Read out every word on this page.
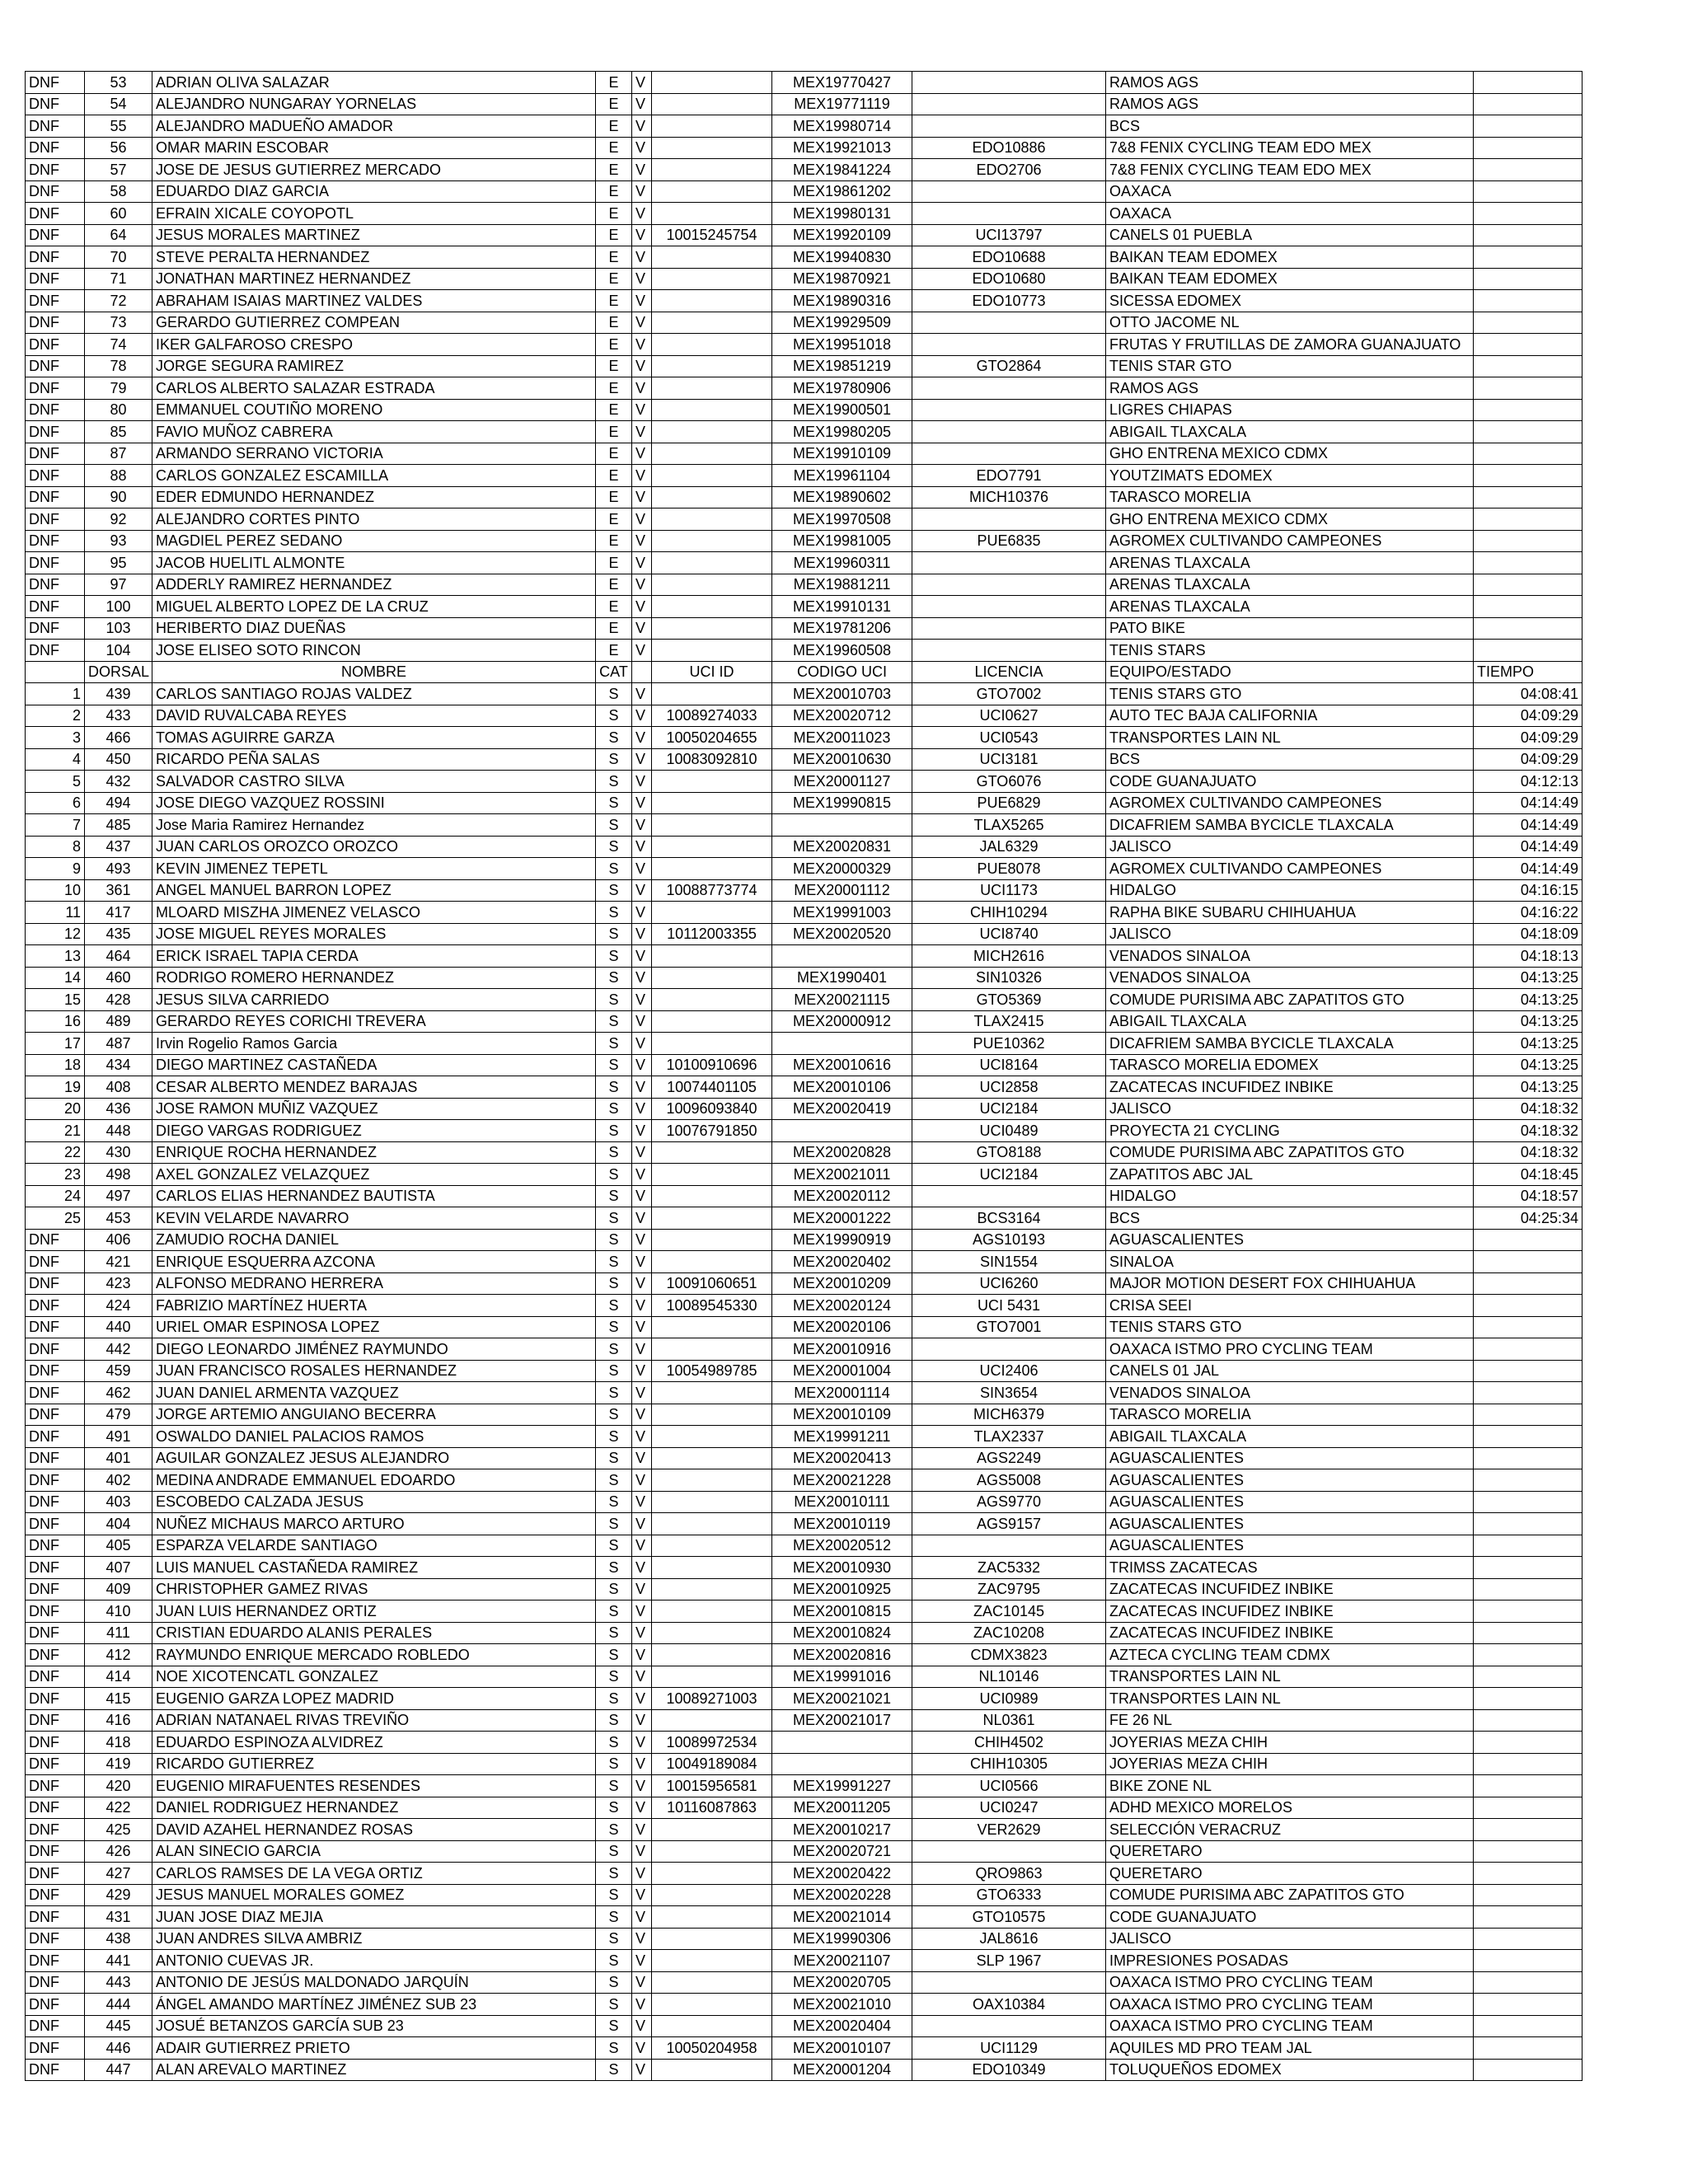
DNF	53	ADRIAN OLIVA SALAZAR	E	V		MEX19770427		RAMOS AGS	
DNF	54	ALEJANDRO NUNGARAY YORNELAS	E	V		MEX19771119		RAMOS AGS	
DNF	55	ALEJANDRO MADUEÑO AMADOR	E	V		MEX19980714		BCS	
DNF	56	OMAR MARIN ESCOBAR	E	V		MEX19921013	EDO10886	7&8 FENIX CYCLING TEAM EDO MEX	
DNF	57	JOSE DE JESUS GUTIERREZ MERCADO	E	V		MEX19841224	EDO2706	7&8 FENIX CYCLING TEAM EDO MEX	
DNF	58	EDUARDO DIAZ GARCIA	E	V		MEX19861202		OAXACA	
DNF	60	EFRAIN XICALE COYOPOTL	E	V		MEX19980131		OAXACA	
DNF	64	JESUS MORALES MARTINEZ	E	V	10015245754	MEX19920109	UCI13797	CANELS 01 PUEBLA	
DNF	70	STEVE PERALTA HERNANDEZ	E	V		MEX19940830	EDO10688	BAIKAN TEAM EDOMEX	
DNF	71	JONATHAN MARTINEZ HERNANDEZ	E	V		MEX19870921	EDO10680	BAIKAN TEAM EDOMEX	
DNF	72	ABRAHAM ISAIAS MARTINEZ VALDES	E	V		MEX19890316	EDO10773	SICESSA EDOMEX	
DNF	73	GERARDO GUTIERREZ COMPEAN	E	V		MEX19929509		OTTO JACOME NL	
DNF	74	IKER GALFAROSO CRESPO	E	V		MEX19951018		FRUTAS Y FRUTILLAS DE ZAMORA GUANAJUATO	
DNF	78	JORGE SEGURA RAMIREZ	E	V		MEX19851219	GTO2864	TENIS STAR GTO	
DNF	79	CARLOS ALBERTO SALAZAR ESTRADA	E	V		MEX19780906		RAMOS AGS	
DNF	80	EMMANUEL COUTIÑO MORENO	E	V		MEX19900501		LIGRES CHIAPAS	
DNF	85	FAVIO MUÑOZ CABRERA	E	V		MEX19980205		ABIGAIL TLAXCALA	
DNF	87	ARMANDO SERRANO VICTORIA	E	V		MEX19910109		GHO ENTRENA MEXICO CDMX	
DNF	88	CARLOS GONZALEZ ESCAMILLA	E	V		MEX19961104	EDO7791	YOUTZIMATS EDOMEX	
DNF	90	EDER EDMUNDO HERNANDEZ	E	V		MEX19890602	MICH10376	TARASCO MORELIA	
DNF	92	ALEJANDRO CORTES PINTO	E	V		MEX19970508		GHO ENTRENA MEXICO CDMX	
DNF	93	MAGDIEL PEREZ SEDANO	E	V		MEX19981005	PUE6835	AGROMEX CULTIVANDO CAMPEONES	
DNF	95	JACOB HUELITL ALMONTE	E	V		MEX19960311		ARENAS TLAXCALA	
DNF	97	ADDERLY RAMIREZ HERNANDEZ	E	V		MEX19881211		ARENAS TLAXCALA	
DNF	100	MIGUEL ALBERTO LOPEZ DE LA CRUZ	E	V		MEX19910131		ARENAS TLAXCALA	
DNF	103	HERIBERTO DIAZ DUEÑAS	E	V		MEX19781206		PATO BIKE	
DNF	104	JOSE ELISEO SOTO RINCON	E	V		MEX19960508		TENIS STARS	
	DORSAL	NOMBRE	CAT		UCI ID	CODIGO UCI	LICENCIA	EQUIPO/ESTADO	TIEMPO
1	439	CARLOS SANTIAGO ROJAS VALDEZ	S	V		MEX20010703	GTO7002	TENIS STARS GTO	04:08:41
2	433	DAVID RUVALCABA REYES	S	V	10089274033	MEX20020712	UCI0627	AUTO TEC BAJA CALIFORNIA	04:09:29
3	466	TOMAS AGUIRRE GARZA	S	V	10050204655	MEX20011023	UCI0543	TRANSPORTES LAIN NL	04:09:29
4	450	RICARDO PEÑA SALAS	S	V	10083092810	MEX20010630	UCI3181	BCS	04:09:29
5	432	SALVADOR CASTRO SILVA	S	V		MEX20001127	GTO6076	CODE GUANAJUATO	04:12:13
6	494	JOSE DIEGO VAZQUEZ ROSSINI	S	V		MEX19990815	PUE6829	AGROMEX CULTIVANDO CAMPEONES	04:14:49
7	485	Jose Maria Ramirez Hernandez	S	V			TLAX5265	DICAFRIEM SAMBA BYCICLE TLAXCALA	04:14:49
8	437	JUAN CARLOS OROZCO OROZCO	S	V		MEX20020831	JAL6329	JALISCO	04:14:49
9	493	KEVIN JIMENEZ TEPETL	S	V		MEX20000329	PUE8078	AGROMEX CULTIVANDO CAMPEONES	04:14:49
10	361	ANGEL MANUEL BARRON LOPEZ	S	V	10088773774	MEX20001112	UCI1173	HIDALGO	04:16:15
11	417	MLOARD MISZHA JIMENEZ VELASCO	S	V		MEX19991003	CHIH10294	RAPHA BIKE SUBARU CHIHUAHUA	04:16:22
12	435	JOSE MIGUEL REYES MORALES	S	V	10112003355	MEX20020520	UCI8740	JALISCO	04:18:09
13	464	ERICK ISRAEL TAPIA CERDA	S	V			MICH2616	VENADOS SINALOA	04:18:13
14	460	RODRIGO ROMERO HERNANDEZ	S	V		MEX1990401	SIN10326	VENADOS SINALOA	04:13:25
15	428	JESUS SILVA CARRIEDO	S	V		MEX20021115	GTO5369	COMUDE PURISIMA ABC ZAPATITOS GTO	04:13:25
16	489	GERARDO REYES CORICHI TREVERA	S	V		MEX20000912	TLAX2415	ABIGAIL TLAXCALA	04:13:25
17	487	Irvin Rogelio Ramos Garcia	S	V			PUE10362	DICAFRIEM SAMBA BYCICLE TLAXCALA	04:13:25
18	434	DIEGO MARTINEZ CASTAÑEDA	S	V	10100910696	MEX20010616	UCI8164	TARASCO MORELIA EDOMEX	04:13:25
19	408	CESAR ALBERTO MENDEZ BARAJAS	S	V	10074401105	MEX20010106	UCI2858	ZACATECAS INCUFIDEZ INBIKE	04:13:25
20	436	JOSE RAMON MUÑIZ VAZQUEZ	S	V	10096093840	MEX20020419	UCI2184	JALISCO	04:18:32
21	448	DIEGO VARGAS RODRIGUEZ	S	V	10076791850		UCI0489	PROYECTA 21 CYCLING	04:18:32
22	430	ENRIQUE ROCHA HERNANDEZ	S	V		MEX20020828	GTO8188	COMUDE PURISIMA ABC ZAPATITOS GTO	04:18:32
23	498	AXEL GONZALEZ VELAZQUEZ	S	V		MEX20021011	UCI2184	ZAPATITOS ABC JAL	04:18:45
24	497	CARLOS ELIAS HERNANDEZ BAUTISTA	S	V		MEX20020112		HIDALGO	04:18:57
25	453	KEVIN VELARDE NAVARRO	S	V		MEX20001222	BCS3164	BCS	04:25:34
DNF	406	ZAMUDIO ROCHA DANIEL	S	V		MEX19990919	AGS10193	AGUASCALIENTES	
DNF	421	ENRIQUE ESQUERRA AZCONA	S	V		MEX20020402	SIN1554	SINALOA	
DNF	423	ALFONSO MEDRANO HERRERA	S	V	10091060651	MEX20010209	UCI6260	MAJOR MOTION DESERT FOX CHIHUAHUA	
DNF	424	FABRIZIO MARTÍNEZ HUERTA	S	V	10089545330	MEX20020124	UCI 5431	CRISA SEEI	
DNF	440	URIEL OMAR ESPINOSA LOPEZ	S	V		MEX20020106	GTO7001	TENIS STARS GTO	
DNF	442	DIEGO LEONARDO JIMÉNEZ RAYMUNDO	S	V		MEX20010916		OAXACA ISTMO PRO CYCLING TEAM	
DNF	459	JUAN FRANCISCO ROSALES HERNANDEZ	S	V	10054989785	MEX20001004	UCI2406	CANELS 01 JAL	
DNF	462	JUAN DANIEL ARMENTA VAZQUEZ	S	V		MEX20001114	SIN3654	VENADOS SINALOA	
DNF	479	JORGE ARTEMIO ANGUIANO BECERRA	S	V		MEX20010109	MICH6379	TARASCO MORELIA	
DNF	491	OSWALDO DANIEL PALACIOS RAMOS	S	V		MEX19991211	TLAX2337	ABIGAIL TLAXCALA	
DNF	401	AGUILAR GONZALEZ JESUS ALEJANDRO	S	V		MEX20020413	AGS2249	AGUASCALIENTES	
DNF	402	MEDINA ANDRADE EMMANUEL EDOARDO	S	V		MEX20021228	AGS5008	AGUASCALIENTES	
DNF	403	ESCOBEDO CALZADA JESUS	S	V		MEX20010111	AGS9770	AGUASCALIENTES	
DNF	404	NUÑEZ MICHAUS MARCO ARTURO	S	V		MEX20010119	AGS9157	AGUASCALIENTES	
DNF	405	ESPARZA VELARDE SANTIAGO	S	V		MEX20020512		AGUASCALIENTES	
DNF	407	LUIS MANUEL CASTAÑEDA RAMIREZ	S	V		MEX20010930	ZAC5332	TRIMSS ZACATECAS	
DNF	409	CHRISTOPHER GAMEZ RIVAS	S	V		MEX20010925	ZAC9795	ZACATECAS INCUFIDEZ INBIKE	
DNF	410	JUAN LUIS HERNANDEZ ORTIZ	S	V		MEX20010815	ZAC10145	ZACATECAS INCUFIDEZ INBIKE	
DNF	411	CRISTIAN EDUARDO ALANIS PERALES	S	V		MEX20010824	ZAC10208	ZACATECAS INCUFIDEZ INBIKE	
DNF	412	RAYMUNDO ENRIQUE MERCADO ROBLEDO	S	V		MEX20020816	CDMX3823	AZTECA CYCLING TEAM CDMX	
DNF	414	NOE XICOTENCATL GONZALEZ	S	V		MEX19991016	NL10146	TRANSPORTES LAIN NL	
DNF	415	EUGENIO GARZA LOPEZ MADRID	S	V	10089271003	MEX20021021	UCI0989	TRANSPORTES LAIN NL	
DNF	416	ADRIAN NATANAEL RIVAS TREVIÑO	S	V		MEX20021017	NL0361	FE 26 NL	
DNF	418	EDUARDO ESPINOZA ALVIDREZ	S	V	10089972534		CHIH4502	JOYERIAS MEZA CHIH	
DNF	419	RICARDO GUTIERREZ	S	V	10049189084		CHIH10305	JOYERIAS MEZA CHIH	
DNF	420	EUGENIO MIRAFUENTES RESENDES	S	V	10015956581	MEX19991227	UCI0566	BIKE ZONE NL	
DNF	422	DANIEL RODRIGUEZ HERNANDEZ	S	V	10116087863	MEX20011205	UCI0247	ADHD MEXICO MORELOS	
DNF	425	DAVID AZAHEL HERNANDEZ ROSAS	S	V		MEX20010217	VER2629	SELECCIÓN VERACRUZ	
DNF	426	ALAN SINECIO GARCIA	S	V		MEX20020721		QUERETARO	
DNF	427	CARLOS RAMSES DE LA VEGA ORTIZ	S	V		MEX20020422	QRO9863	QUERETARO	
DNF	429	JESUS MANUEL MORALES GOMEZ	S	V		MEX20020228	GTO6333	COMUDE PURISIMA ABC ZAPATITOS GTO	
DNF	431	JUAN JOSE DIAZ MEJIA	S	V		MEX20021014	GTO10575	CODE GUANAJUATO	
DNF	438	JUAN ANDRES SILVA AMBRIZ	S	V		MEX19990306	JAL8616	JALISCO	
DNF	441	ANTONIO CUEVAS JR.	S	V		MEX20021107	SLP 1967	IMPRESIONES POSADAS	
DNF	443	ANTONIO DE JESÚS MALDONADO JARQUÍN	S	V		MEX20020705		OAXACA ISTMO PRO CYCLING TEAM	
DNF	444	ÁNGEL AMANDO MARTÍNEZ JIMÉNEZ SUB 23	S	V		MEX20021010	OAX10384	OAXACA ISTMO PRO CYCLING TEAM	
DNF	445	JOSUÉ BETANZOS GARCÍA SUB 23	S	V		MEX20020404		OAXACA ISTMO PRO CYCLING TEAM	
DNF	446	ADAIR GUTIERREZ PRIETO	S	V	10050204958	MEX20010107	UCI1129	AQUILES MD PRO TEAM JAL	
DNF	447	ALAN AREVALO MARTINEZ	S	V		MEX20001204	EDO10349	TOLUQUEÑOS EDOMEX	
